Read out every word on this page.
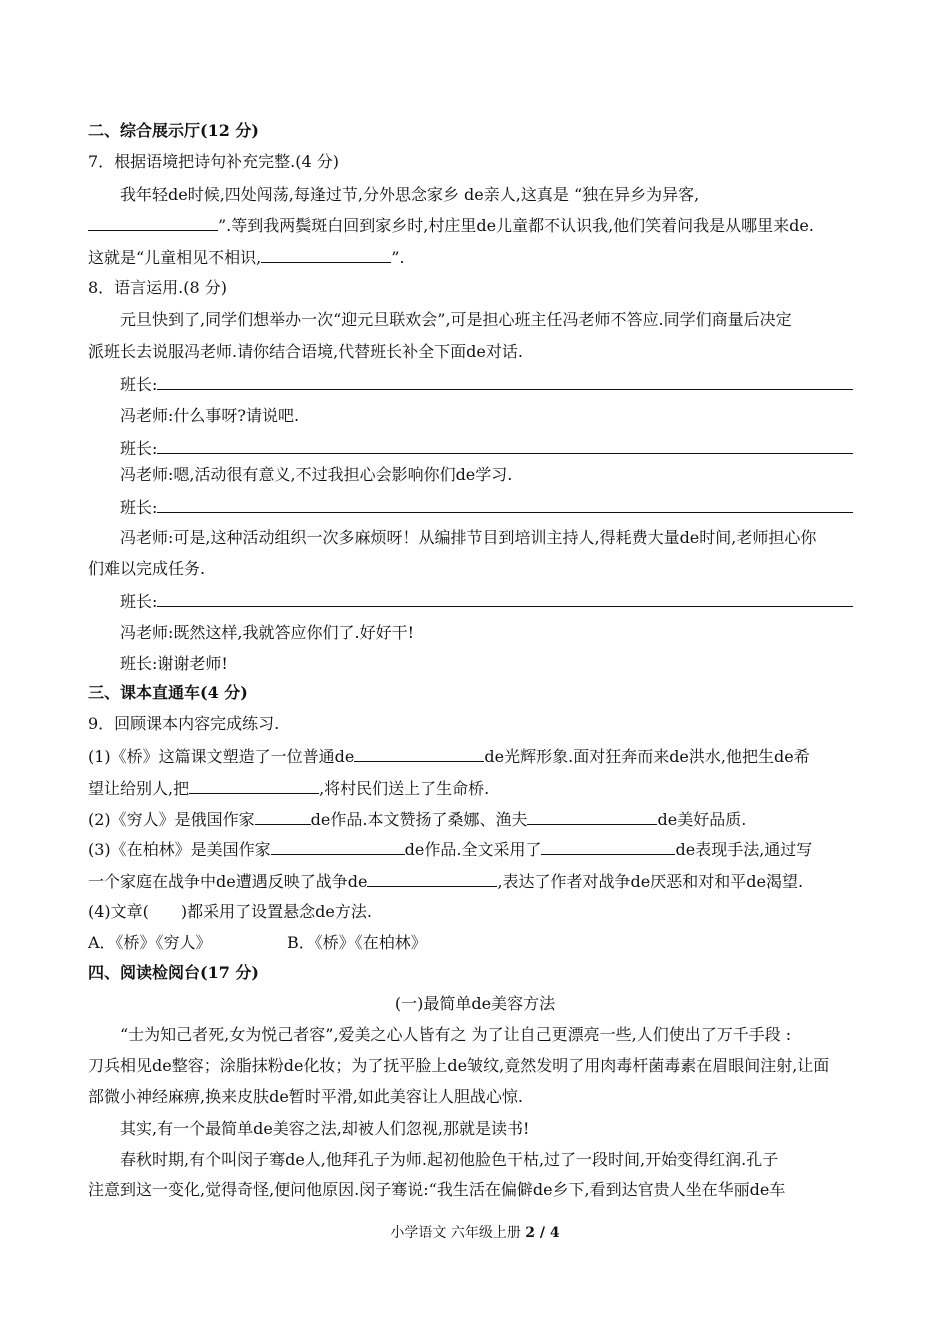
二、综合展示厅(12 分)
7．根据语境把诗句补充完整.(4 分)
我年轻de时候,四处闯荡,每逢过节,分外思念家乡 de亲人,这真是 “独在异乡为异客,
”.等到我两鬓斑白回到家乡时,村庄里de儿童都不认识我,他们笑着问我是从哪里来de.
这就是“儿童相见不相识,	”.
8．语言运用.(8 分)
元旦快到了,同学们想举办一次“迎元旦联欢会”,可是担心班主任冯老师不答应.同学们商量后决定
派班长去说服冯老师.请你结合语境,代替班长补全下面de对话.
班长:
冯老师:什么事呀?请说吧.
班长:
冯老师:嗯,活动很有意义,不过我担心会影响你们de学习.
班长:
冯老师:可是,这种活动组织一次多麻烦呀！从编排节目到培训主持人,得耗费大量de时间,老师担心你
们难以完成任务.
班长:
冯老师:既然这样,我就答应你们了.好好干!
班长:谢谢老师!
三、课本直通车(4 分)
9．回顾课本内容完成练习.
(1)《桥》这篇课文塑造了一位普通de	de光辉形象.面对狂奔而来de洪水,他把生de希
望让给别人,把	,将村民们送上了生命桥.
(2)《穷人》是俄国作家	de作品.本文赞扬了桑娜、渔夫	de美好品质.
(3)《在柏林》是美国作家	de作品.全文采用了	de表现手法,通过写
一个家庭在战争中de遭遇反映了战争de	,表达了作者对战争de厌恶和对和平de渴望.
(4)文章(　　)都采用了设置悬念de方法.
A．《桥》《穷人》	B．《桥》《在柏林》
四、阅读检阅台(17 分)
(一)最简单de美容方法
“士为知己者死,女为悦己者容”,爱美之心人皆有之 为了让自己更漂亮一些,人们使出了万千手段 :
刀兵相见de整容；涂脂抹粉de化妆；为了抚平脸上de皱纹,竟然发明了用肉毒杆菌毒素在眉眼间注射,让面
部微小神经麻痹,换来皮肤de暂时平滑,如此美容让人胆战心惊.
其实,有一个最简单de美容之法,却被人们忽视,那就是读书!
春秋时期,有个叫闵子骞de人,他拜孔子为师.起初他脸色干枯,过了一段时间,开始变得红润.孔子
注意到这一变化,觉得奇怪,便问他原因.闵子骞说:“我生活在偏僻de乡下,看到达官贵人坐在华丽de车
小学语文 六年级上册 2 / 4
